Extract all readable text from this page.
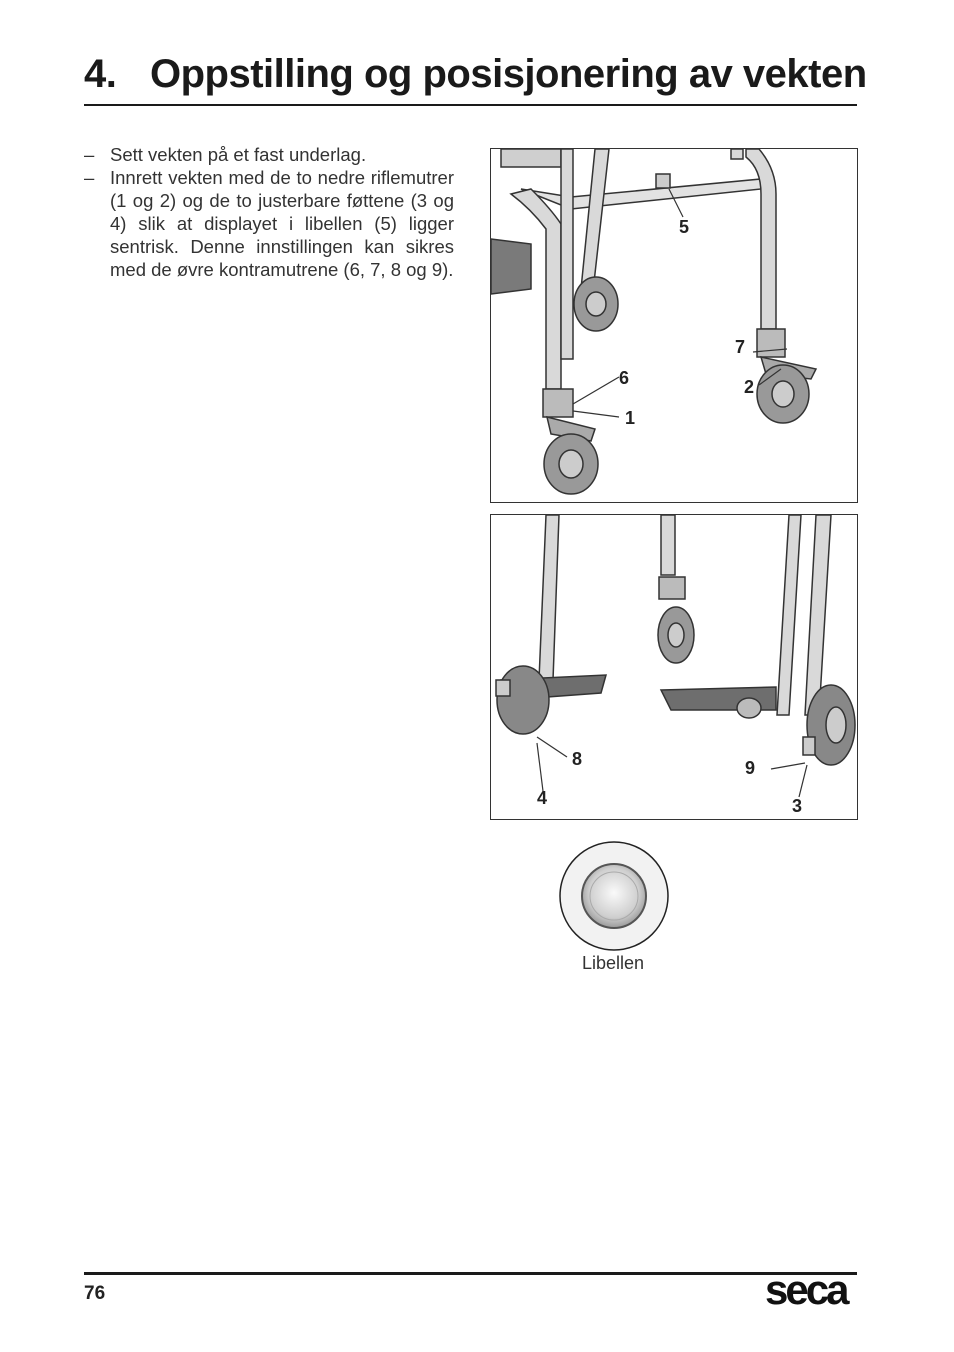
4. Oppstilling og posisjonering av vekten
– Sett vekten på et fast underlag.
– Innrett vekten med de to nedre riflemutrer (1 og 2) og de to justerbare føttene (3 og 4) slik at displayet i libellen (5) ligger sentrisk. Denne innstillingen kan sikres med de øvre kontramutrene (6, 7, 8 og 9).
5
7
2
6
1
8	9
4	3
Libellen
76	seca
